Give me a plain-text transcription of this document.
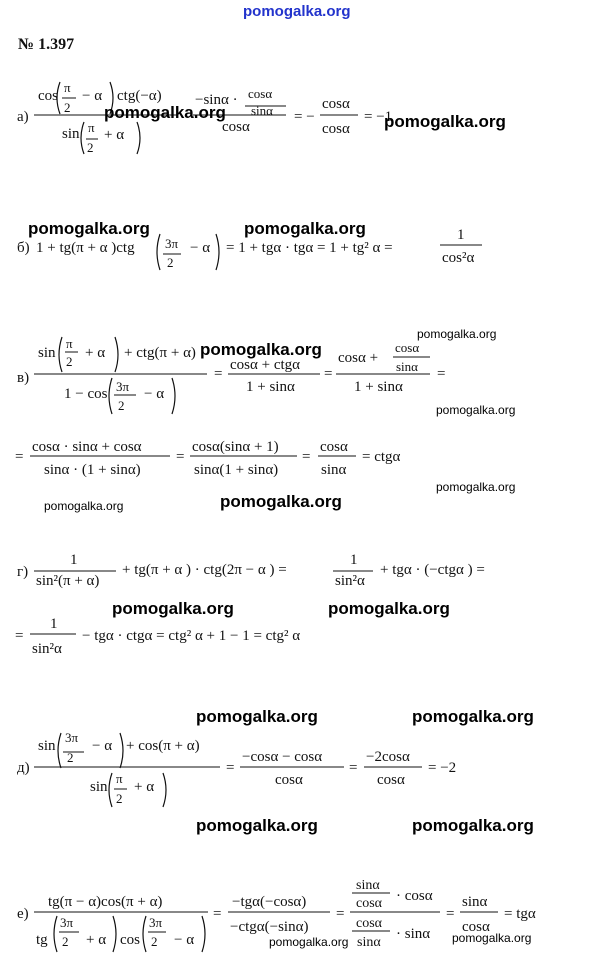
pomogalka.org
№ 1.397
а)
cos
π
2
− α ctg(−α)
sin π
2
+ α
−sinα · cosα
sinα
cosα
= −
cosα
cosα
= −1
б) 1 + tg(π + α )ctg 3π
2
− α = 1 + tgα · tgα = 1 + tg² α =
1
cos²α
в)
sin
π
2
+ α + ctg(π + α)
1 − cos 3π
2
− α
=
cosα + ctgα
1 + sinα
=
cosα +
cosα
sinα
1 + sinα
=
=
cosα · sinα + cosα
sinα · (1 + sinα)
=
cosα(sinα + 1)
sinα(1 + sinα)
=
cosα
sinα
= ctgα
г)
1
sin²(π + α)
+ tg(π + α ) · ctg(2π − α ) =
1
sin²α
+ tgα · (−ctgα ) =
=
1
sin²α
− tgα · ctgα = ctg² α + 1 − 1 = ctg² α
д)
sin
3π
2
− α + cos(π + α)
sin
π
2
+ α
=
−cosα − cosα
cosα
=
−2cosα
cosα
= −2
е)
tg(π − α)cos(π + α)
tg
3π
2 + α cos
3π
2 − α
=
−tgα(−cosα)
−ctgα(−sinα)
=
sinα
cosα · cosα
cosα
sinα
· sinα
=
sinα
cosα
= tgα
pomogalka.org	pomogalka.org
pomogalka.org	pomogalka.org
pomogalka.org
pomogalka.org
pomogalka.org
pomogalka.org
pomogalka.org
pomogalka.org
pomogalka.org	pomogalka.org
pomogalka.org	pomogalka.org
pomogalka.org	pomogalka.org
pomogalka.org	pomogalka.org
